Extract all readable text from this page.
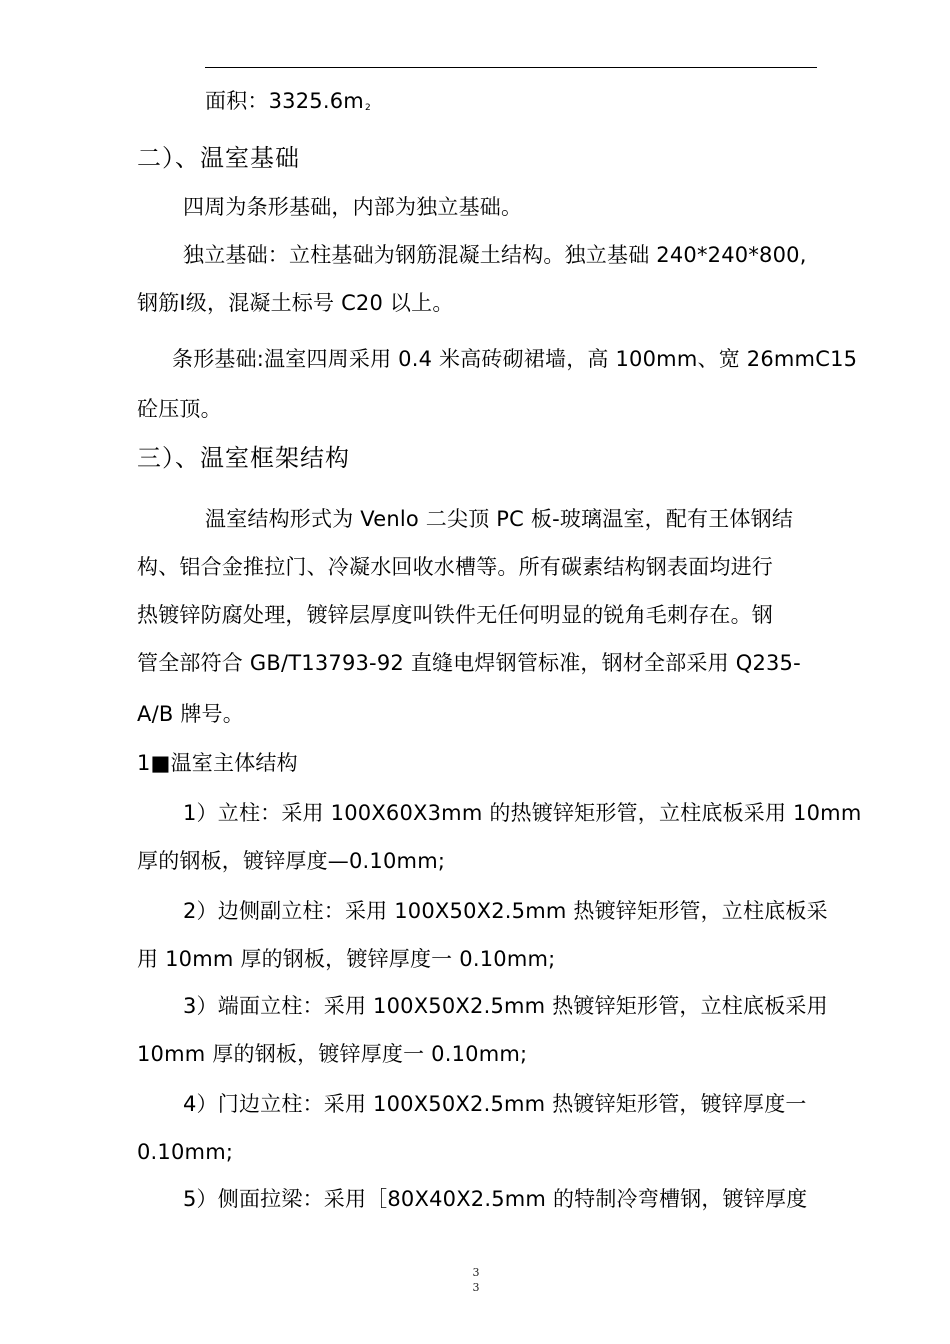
面积：$3325.6m_2$
二）、温室基础
四周为条形基础，内部为独立基础。
独立基础：立柱基础为钢筋混凝土结构。独立基础 240*240*800,
钢筋Ⅰ级，混凝土标号 C20 以上。
条形基础:温室四周采用 0.4 米高砖砌裙墙，高 100mm、宽 26mmC15
砼压顶。
三）、温室框架结构
温室结构形式为 Venlo 二尖顶 PC 板-玻璃温室，配有王体钢结
构、铝合金推拉门、冷凝水回收水槽等。所有碳素结构钢表面均进行
热镀锌防腐处理，镀锌层厚度叫铁件无任何明显的锐角毛刺存在。钢
管全部符合 GB/T13793-92 直缝电焊钢管标准，钢材全部采用 Q235-
A/B 牌号。
1■温室主体结构
1）立柱：采用 100X60X3mm 的热镀锌矩形管，立柱底板采用 10mm
厚的钢板，镀锌厚度—0.10mm;
2）边侧副立柱：采用 100X50X2.5mm 热镀锌矩形管，立柱底板采
用 10mm 厚的钢板，镀锌厚度一 0.10mm;
3）端面立柱：采用 100X50X2.5mm 热镀锌矩形管，立柱底板采用
10mm 厚的钢板，镀锌厚度一 0.10mm;
4）门边立柱：采用 100X50X2.5mm 热镀锌矩形管，镀锌厚度一
0.10mm;
5）侧面拉梁：采用［80X40X2.5mm 的特制冷弯槽钢，镀锌厚度
3
3
